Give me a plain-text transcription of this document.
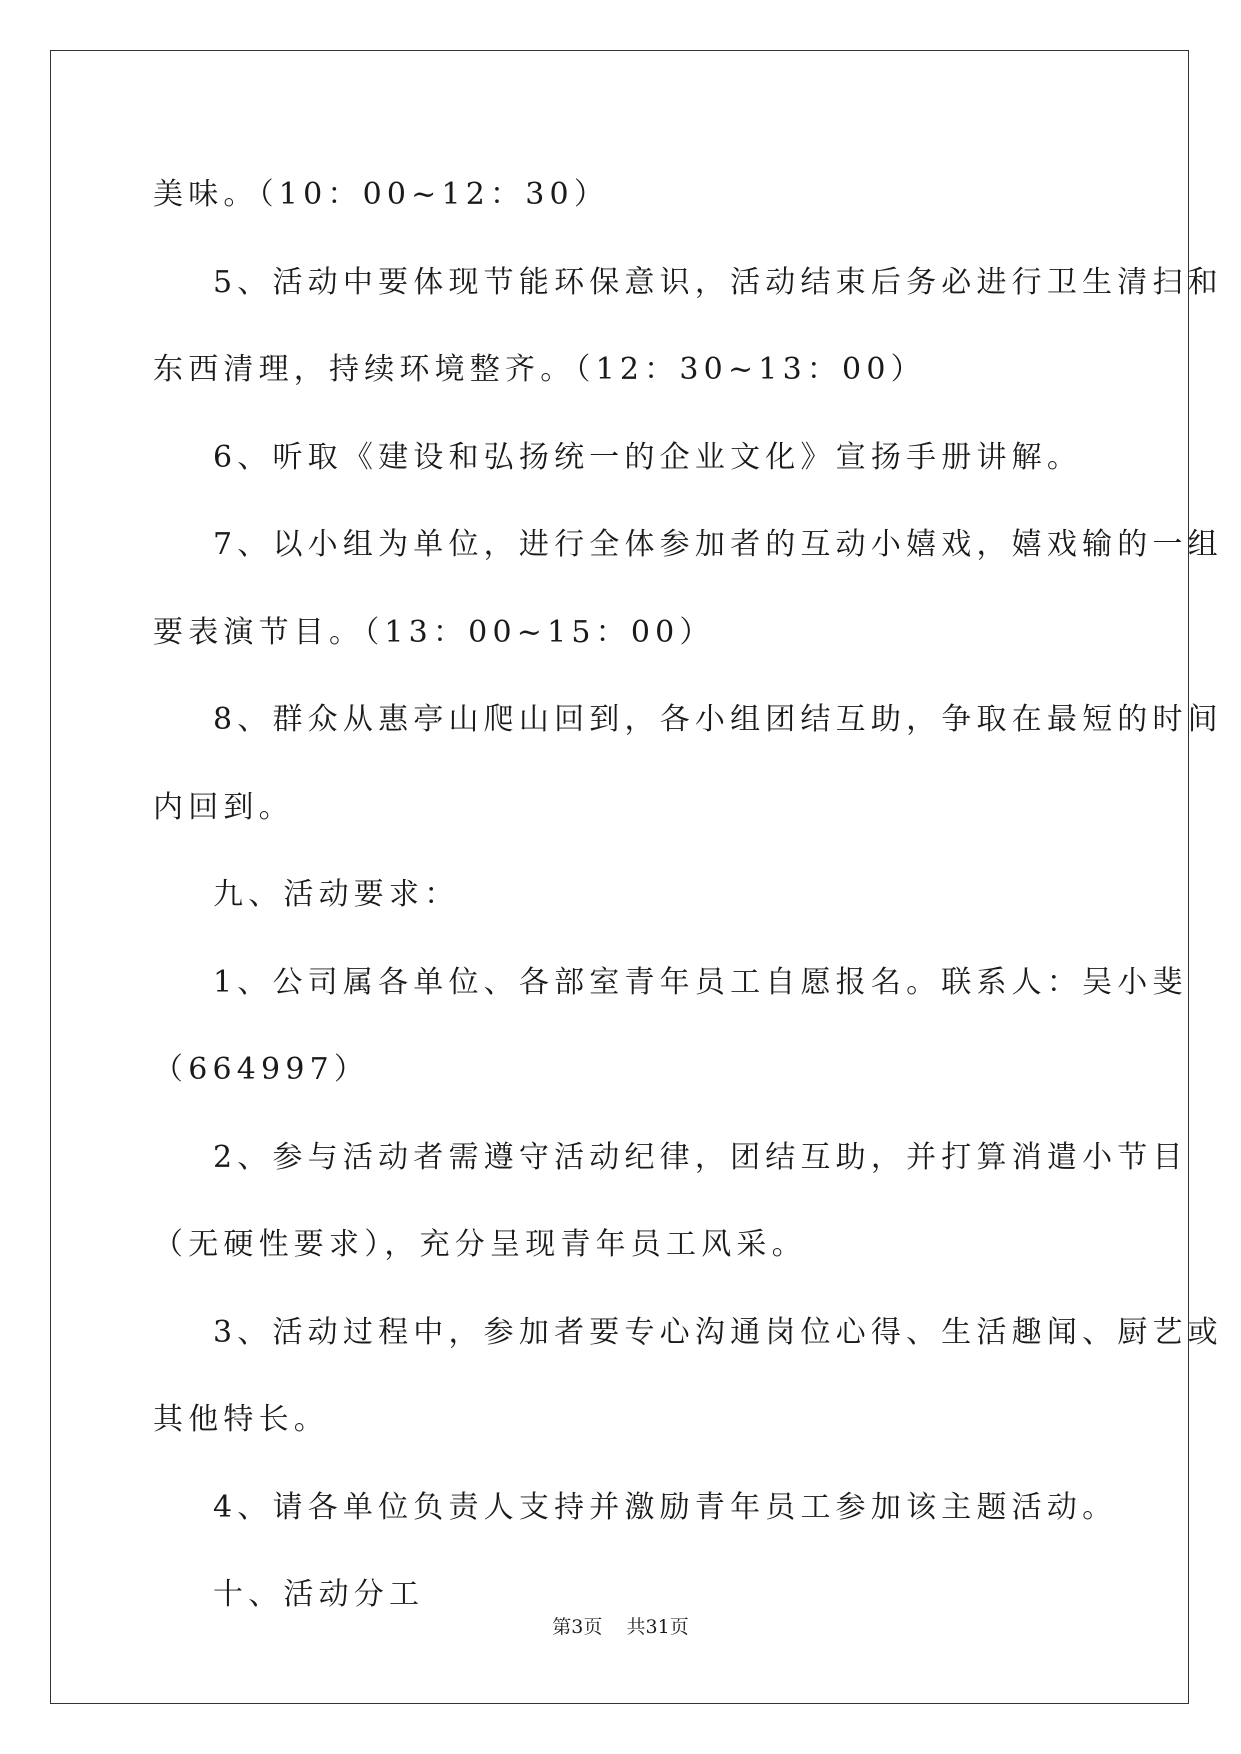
美味。（10：00~12：30）
5、活动中要体现节能环保意识，活动结束后务必进行卫生清扫和
东西清理，持续环境整齐。（12：30~13：00）
6、听取《建设和弘扬统一的企业文化》宣扬手册讲解。
7、以小组为单位，进行全体参加者的互动小嬉戏，嬉戏输的一组
要表演节目。（13：00~15：00）
8、群众从惠亭山爬山回到，各小组团结互助，争取在最短的时间
内回到。
九、活动要求：
1、公司属各单位、各部室青年员工自愿报名。联系人：吴小斐
（664997）
2、参与活动者需遵守活动纪律，团结互助，并打算消遣小节目
（无硬性要求），充分呈现青年员工风采。
3、活动过程中，参加者要专心沟通岗位心得、生活趣闻、厨艺或
其他特长。
4、请各单位负责人支持并激励青年员工参加该主题活动。
十、活动分工
第3页 共31页
